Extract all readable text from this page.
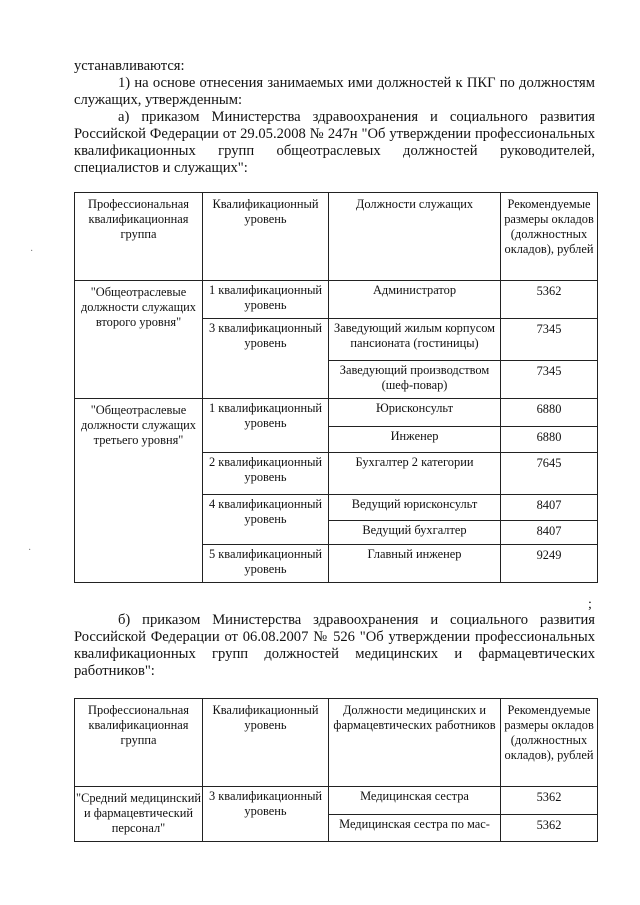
устанавливаются:

1) на основе отнесения занимаемых ими должностей к ПКГ по должностям служащих, утвержденным:

а) приказом Министерства здравоохранения и социального развития Российской Федерации от 29.05.2008 № 247н "Об утверждении профессиональных квалификационных групп общеотраслевых должностей руководителей, специалистов и служащих":

Профессиональная квалификационная группа	Квалификационный уровень	Должности служащих	Рекомендуемые размеры окладов (должностных окладов), рублей
"Общеотраслевые должности служащих второго уровня"	1 квалификационный уровень	Администратор	5362
	3 квалификационный уровень	Заведующий жилым корпусом пансионата (гостиницы)	7345
		Заведующий производством (шеф-повар)	7345
"Общеотраслевые должности служащих третьего уровня"	1 квалификационный уровень	Юрисконсульт	6880
		Инженер	6880
	2 квалификационный уровень	Бухгалтер 2 категории	7645
	4 квалификационный уровень	Ведущий юрисконсульт	8407
		Ведущий бухгалтер	8407
	5 квалификационный уровень	Главный инженер	9249
;

б) приказом Министерства здравоохранения и социального развития Российской Федерации от 06.08.2007 № 526 "Об утверждении профессиональных квалификационных групп должностей медицинских и фармацевтических работников":

Профессиональная квалификационная группа	Квалификационный уровень	Должности медицинских и фармацевтических работников	Рекомендуемые размеры окладов (должностных окладов), рублей
"Средний медицинский и фармацевтический персонал"	3 квалификационный уровень	Медицинская сестра	5362
		Медицинская сестра по мас-	5362
·
·
